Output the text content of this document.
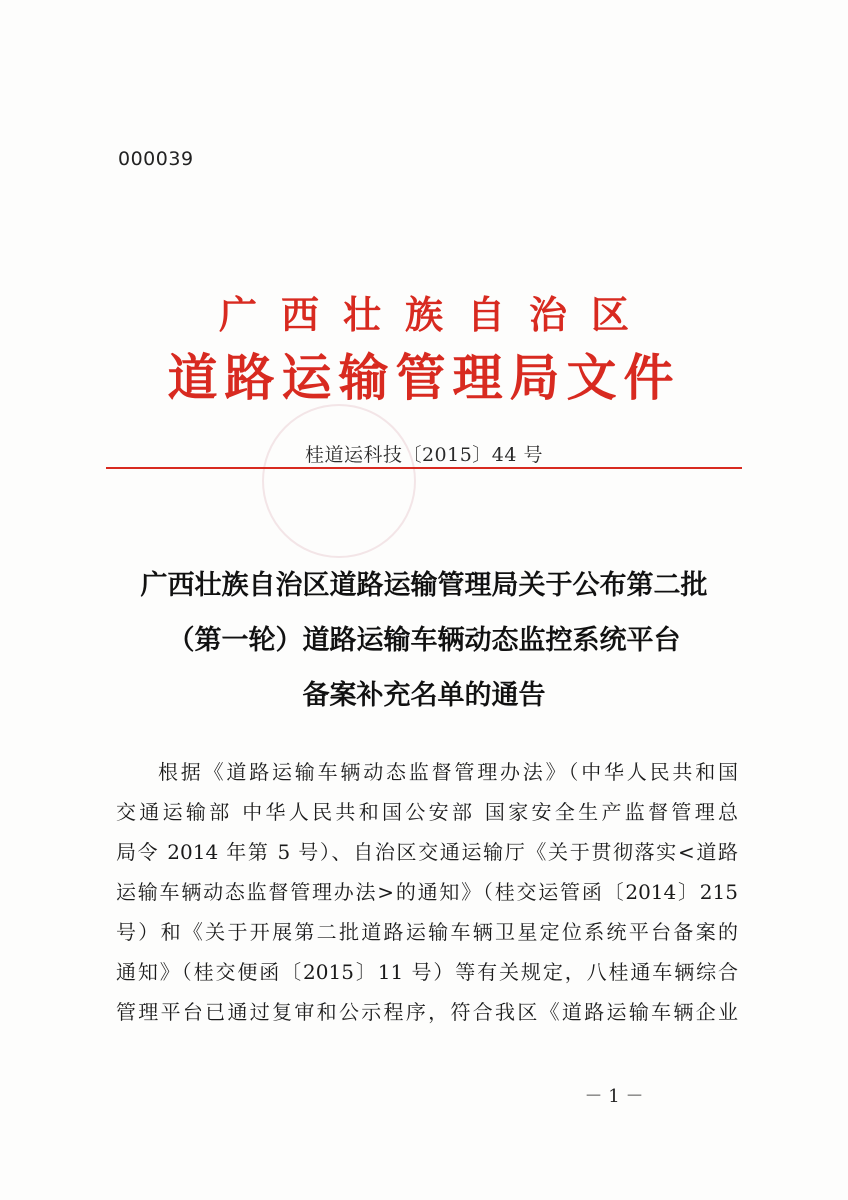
000039
广西壮族自治区
道路运输管理局文件
桂道运科技〔2015〕44 号
广西壮族自治区道路运输管理局关于公布第二批
（第一轮）道路运输车辆动态监控系统平台
备案补充名单的通告
根据《道路运输车辆动态监督管理办法》（中华人民共和国
交通运输部 中华人民共和国公安部 国家安全生产监督管理总
局令 2014 年第 5 号）、自治区交通运输厅《关于贯彻落实<道路
运输车辆动态监督管理办法>的通知》（桂交运管函〔2014〕215
号）和《关于开展第二批道路运输车辆卫星定位系统平台备案的
通知》（桂交便函〔2015〕11 号）等有关规定，八桂通车辆综合
管理平台已通过复审和公示程序，符合我区《道路运输车辆企业
－ 1 －
